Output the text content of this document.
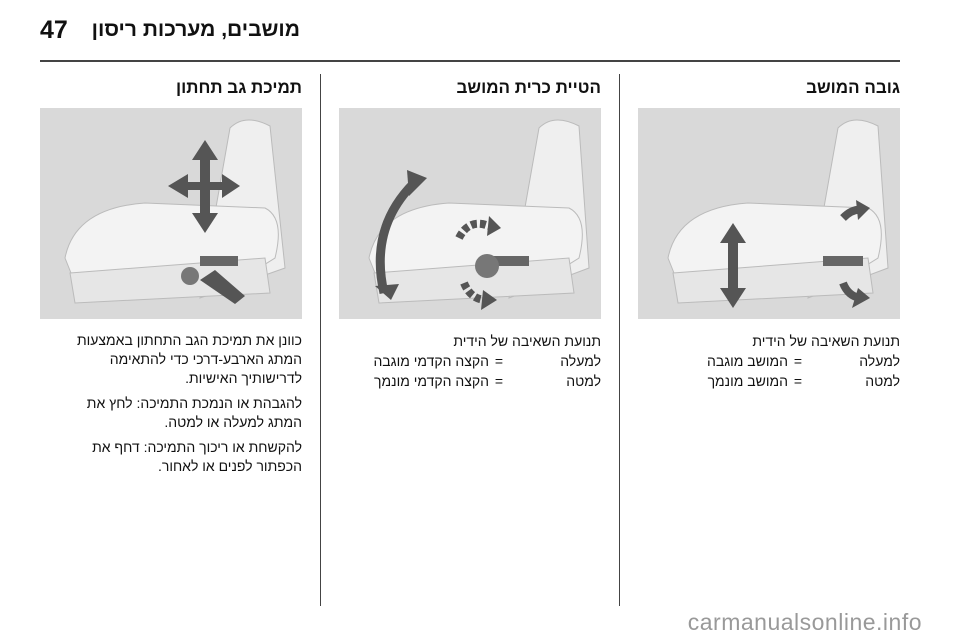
47 מושבים, מערכות ריסון
גובה המושב
תנועת השאיבה של הידית
למעלה
=
המושב מוגבה
למטה
=
המושב מונמך
הטיית כרית המושב
תנועת השאיבה של הידית
למעלה
=
הקצה הקדמי מוגבה
למטה
=
הקצה הקדמי מונמך
תמיכת גב תחתון
כוונן את תמיכת הגב התחתון באמצעות
המתג הארבע-דרכי כדי להתאימה
לדרישותיך האישיות.
להגבהת או הנמכת התמיכה: לחץ את
המתג למעלה או למטה.
להקשחת או ריכוך התמיכה: דחף את
הכפתור לפנים או לאחור.
carmanualsonline.info
